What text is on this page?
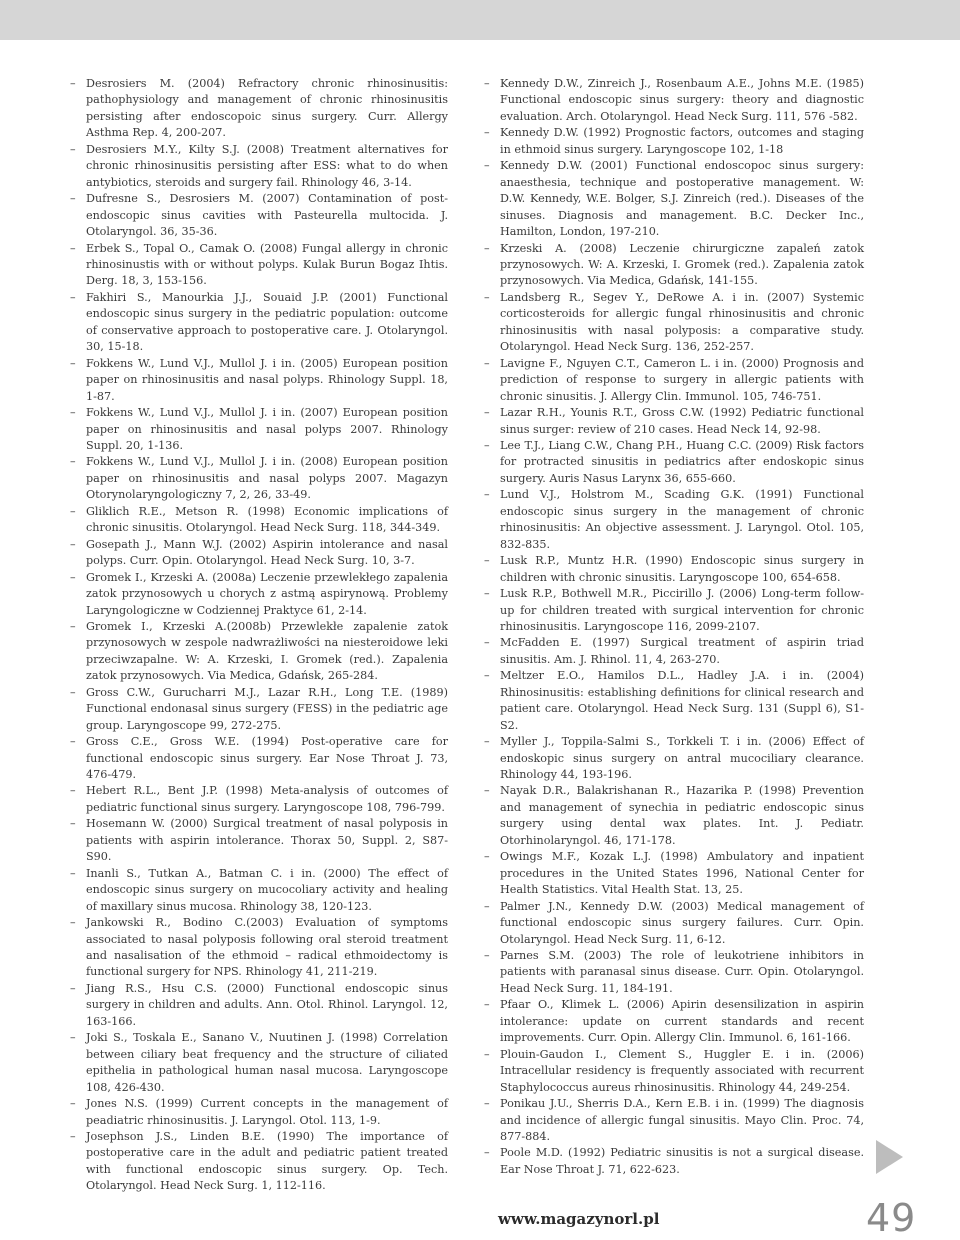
– Desrosiers M. (2004) Refractory chronic rhinosinusitis: pathophysiology and management of chronic rhinosinusitis persisting after endoscopoic sinus surgery. Curr. Allergy Asthma Rep. 4, 200-207.
– Desrosiers M.Y., Kilty S.J. (2008) Treatment alternatives for chronic rhinosinusitis persisting after ESS: what to do when antybiotics, steroids and surgery fail. Rhinology 46, 3-14.
– Dufresne S., Desrosiers M. (2007) Contamination of post-endoscopic sinus cavities with Pasteurella multocida. J. Otolaryngol. 36, 35-36.
– Erbek S., Topal O., Camak O. (2008) Fungal allergy in chronic rhinosinustis with or without polyps. Kulak Burun Bogaz Ihtis. Derg. 18, 3, 153-156.
– Fakhiri S., Manourkia J.J., Souaid J.P. (2001) Functional endoscopic sinus surgery in the pediatric population: outcome of conservative approach to postoperative care. J. Otolaryngol. 30, 15-18.
– Fokkens W., Lund V.J., Mullol J. i in. (2005) European position paper on rhinosinusitis and nasal polyps. Rhinology Suppl. 18, 1-87.
– Fokkens W., Lund V.J., Mullol J. i in. (2007) European position paper on rhinosinusitis and nasal polyps 2007. Rhinology Suppl. 20, 1-136.
– Fokkens W., Lund V.J., Mullol J. i in. (2008) European position paper on rhinosinusitis and nasal polyps 2007. Magazyn Otorynolaryngologiczny 7, 2, 26, 33-49.
– Gliklich R.E., Metson R. (1998) Economic implications of chronic sinusitis. Otolaryngol. Head Neck Surg. 118, 344-349.
– Gosepath J., Mann W.J. (2002) Aspirin intolerance and nasal polyps. Curr. Opin. Otolaryngol. Head Neck Surg. 10, 3-7.
– Gromek I., Krzeski A. (2008a) Leczenie przewlekłego zapalenia zatok przynosowych u chorych z astmą aspirynową. Problemy Laryngologiczne w Codziennej Praktyce 61, 2-14.
– Gromek I., Krzeski A.(2008b) Przewlekłe zapalenie zatok przynosowych w zespole nadwrażliwości na niesteroidowe leki przeciwzapalne. W: A. Krzeski, I. Gromek (red.). Zapalenia zatok przynosowych. Via Medica, Gdańsk, 265-284.
– Gross C.W., Gurucharri M.J., Lazar R.H., Long T.E. (1989) Functional endonasal sinus surgery (FESS) in the pediatric age group. Laryngoscope 99, 272-275.
– Gross C.E., Gross W.E. (1994) Post-operative care for functional endoscopic sinus surgery. Ear Nose Throat J. 73, 476-479.
– Hebert R.L., Bent J.P. (1998) Meta-analysis of outcomes of pediatric functional sinus surgery. Laryngoscope 108, 796-799.
– Hosemann W. (2000) Surgical treatment of nasal polyposis in patients with aspirin intolerance. Thorax 50, Suppl. 2, S87-S90.
– Inanli S., Tutkan A., Batman C. i in. (2000) The effect of endoscopic sinus surgery on mucocoliary activity and healing of maxillary sinus mucosa. Rhinology 38, 120-123.
– Jankowski R., Bodino C.(2003) Evaluation of symptoms associated to nasal polyposis following oral steroid treatment and nasalisation of the ethmoid – radical ethmoidectomy is functional surgery for NPS. Rhinology 41, 211-219.
– Jiang R.S., Hsu C.S. (2000) Functional endoscopic sinus surgery in children and adults. Ann. Otol. Rhinol. Laryngol. 12, 163-166.
– Joki S., Toskala E., Sanano V., Nuutinen J. (1998) Correlation between ciliary beat frequency and the structure of ciliated epithelia in pathological human nasal mucosa. Laryngoscope 108, 426-430.
– Jones N.S. (1999) Current concepts in the management of peadiatric rhinosinusitis. J. Laryngol. Otol. 113, 1-9.
– Josephson J.S., Linden B.E. (1990) The importance of postoperative care in the adult and pediatric patient treated with functional endoscopic sinus surgery. Op. Tech. Otolaryngol. Head Neck Surg. 1, 112-116.
– Kennedy D.W., Zinreich J., Rosenbaum A.E., Johns M.E. (1985) Functional endoscopic sinus surgery: theory and diagnostic evaluation. Arch. Otolaryngol. Head Neck Surg. 111, 576 -582.
– Kennedy D.W. (1992) Prognostic factors, outcomes and staging in ethmoid sinus surgery. Laryngoscope 102, 1-18
– Kennedy D.W. (2001) Functional endoscopoc sinus surgery: anaesthesia, technique and postoperative management. W: D.W. Kennedy, W.E. Bolger, S.J. Zinreich (red.). Diseases of the sinuses. Diagnosis and management. B.C. Decker Inc., Hamilton, London, 197-210.
– Krzeski A. (2008) Leczenie chirurgiczne zapaleń zatok przynosowych. W: A. Krzeski, I. Gromek (red.). Zapalenia zatok przynosowych. Via Medica, Gdańsk, 141-155.
– Landsberg R., Segev Y., DeRowe A. i in. (2007) Systemic corticosteroids for allergic fungal rhinosinusitis and chronic rhinosinusitis with nasal polyposis: a comparative study. Otolaryngol. Head Neck Surg. 136, 252-257.
– Lavigne F., Nguyen C.T., Cameron L. i in. (2000) Prognosis and prediction of response to surgery in allergic patients with chronic sinusitis. J. Allergy Clin. Immunol. 105, 746-751.
– Lazar R.H., Younis R.T., Gross C.W. (1992) Pediatric functional sinus surger: review of 210 cases. Head Neck 14, 92-98.
– Lee T.J., Liang C.W., Chang P.H., Huang C.C. (2009) Risk factors for protracted sinusitis in pediatrics after endoskopic sinus surgery. Auris Nasus Larynx 36, 655-660.
– Lund V.J., Holstrom M., Scading G.K. (1991) Functional endoscopic sinus surgery in the management of chronic rhinosinusitis: An objective assessment. J. Laryngol. Otol. 105, 832-835.
– Lusk R.P., Muntz H.R. (1990) Endoscopic sinus surgery in children with chronic sinusitis. Laryngoscope 100, 654-658.
– Lusk R.P., Bothwell M.R., Piccirillo J. (2006) Long-term follow-up for children treated with surgical intervention for chronic rhinosinusitis. Laryngoscope 116, 2099-2107.
– McFadden E. (1997) Surgical treatment of aspirin triad sinusitis. Am. J. Rhinol. 11, 4, 263-270.
– Meltzer E.O., Hamilos D.L., Hadley J.A. i in. (2004) Rhinosinusitis: establishing definitions for clinical research and patient care. Otolaryngol. Head Neck Surg. 131 (Suppl 6), S1-S2.
– Myller J., Toppila-Salmi S., Torkkeli T. i in. (2006) Effect of endoskopic sinus surgery on antral mucociliary clearance. Rhinology 44, 193-196.
– Nayak D.R., Balakrishanan R., Hazarika P. (1998) Prevention and management of synechia in pediatric endoscopic sinus surgery using dental wax plates. Int. J. Pediatr. Otorhinolaryngol. 46, 171-178.
– Owings M.F., Kozak L.J. (1998) Ambulatory and inpatient procedures in the United States 1996, National Center for Health Statistics. Vital Health Stat. 13, 25.
– Palmer J.N., Kennedy D.W. (2003) Medical management of functional endoscopic sinus surgery failures. Curr. Opin. Otolaryngol. Head Neck Surg. 11, 6-12.
– Parnes S.M. (2003) The role of leukotriene inhibitors in patients with paranasal sinus disease. Curr. Opin. Otolaryngol. Head Neck Surg. 11, 184-191.
– Pfaar O., Klimek L. (2006) Apirin desensilization in aspirin intolerance: update on current standards and recent improvements. Curr. Opin. Allergy Clin. Immunol. 6, 161-166.
– Plouin-Gaudon I., Clement S., Huggler E. i in. (2006) Intracellular residency is frequently associated with recurrent Staphylococcus aureus rhinosinusitis. Rhinology 44, 249-254.
– Ponikau J.U., Sherris D.A., Kern E.B. i in. (1999) The diagnosis and incidence of allergic fungal sinusitis. Mayo Clin. Proc. 74, 877-884.
– Poole M.D. (1992) Pediatric sinusitis is not a surgical disease. Ear Nose Throat J. 71, 622-623.
www.magazynorl.pl	49
